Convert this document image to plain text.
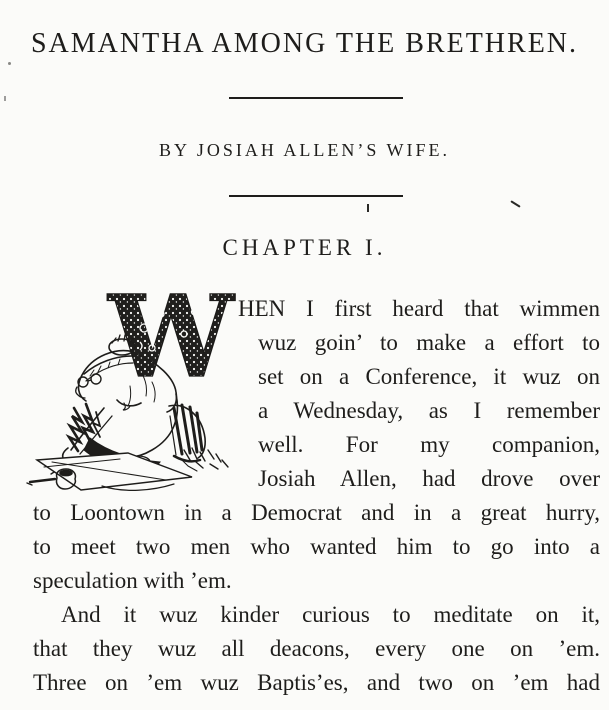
SAMANTHA AMONG THE BRETHREN.
BY JOSIAH ALLEN’S WIFE.
CHAPTER I.
W HEN I first heard that wimmen
wuz goin’ to make a effort to
set on a Conference, it wuz on
a Wednesday, as I remember
well. For my companion,
Josiah Allen, had drove over
to Loontown in a Democrat and in a great hurry,
to meet two men who wanted him to go into a
speculation with ’em.
And it wuz kinder curious to meditate on it,
that they wuz all deacons, every one on ’em.
Three on ’em wuz Baptis’es, and two on ’em had
